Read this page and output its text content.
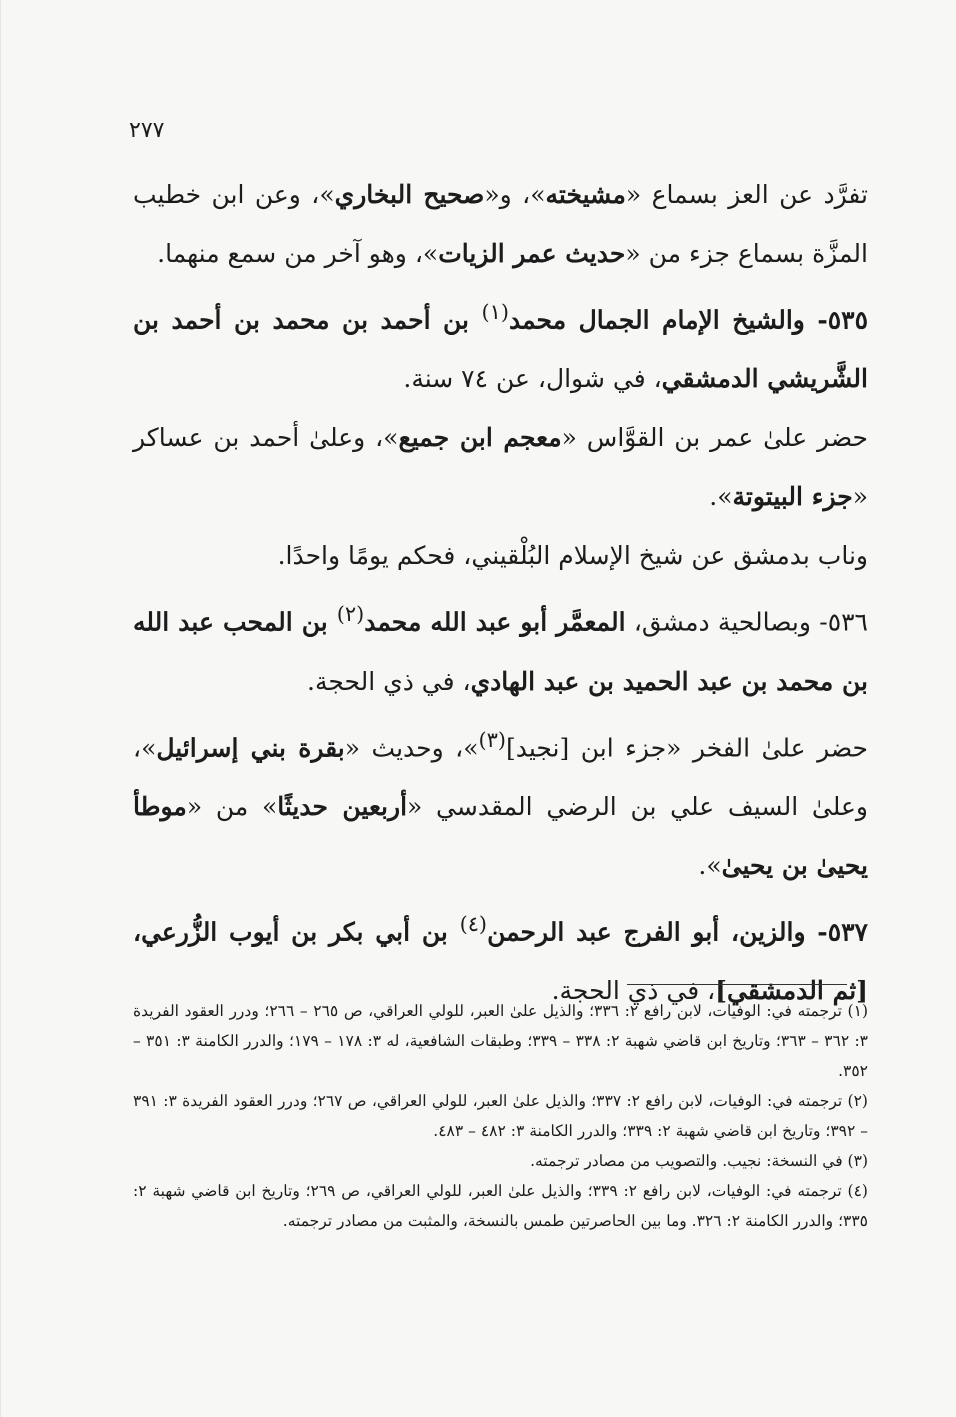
٢٧٧

تفرَّد عن العز بسماع «مشيخته»، و«صحيح البخاري»، وعن ابن خطيب المزَّة بسماع جزء من «حديث عمر الزيات»، وهو آخر من سمع منهما.

٥٣٥- والشيخ الإمام الجمال محمد$^{(١)}$ بن أحمد بن محمد بن أحمد بن الشَّريشي الدمشقي، في شوال، عن ٧٤ سنة.

حضر علىٰ عمر بن القوَّاس «معجم ابن جميع»، وعلىٰ أحمد بن عساكر «جزء البيتوتة».

وناب بدمشق عن شيخ الإسلام البُلْقيني، فحكم يومًا واحدًا.

٥٣٦- وبصالحية دمشق، المعمَّر أبو عبد الله محمد$^{(٢)}$ بن المحب عبد الله بن محمد بن عبد الحميد بن عبد الهادي، في ذي الحجة.

حضر علىٰ الفخر «جزء ابن [نجيد]$^{(٣)}$»، وحديث «بقرة بني إسرائيل»، وعلىٰ السيف علي بن الرضي المقدسي «أربعين حديثًا» من «موطأ يحيىٰ بن يحيىٰ».

٥٣٧- والزين، أبو الفرج عبد الرحمن$^{(٤)}$ بن أبي بكر بن أيوب الزُّرعي، [ثم الدمشقي]، في ذي الحجة.

(١) ترجمته في: الوفيات، لابن رافع ٢: ٣٣٦؛ والذيل علىٰ العبر، للولي العراقي، ص ٢٦٥ – ٢٦٦؛ ودرر العقود الفريدة ٣: ٣٦٢ – ٣٦٣؛ وتاريخ ابن قاضي شهبة ٢: ٣٣٨ – ٣٣٩؛ وطبقات الشافعية، له ٣: ١٧٨ – ١٧٩؛ والدرر الكامنة ٣: ٣٥١ – ٣٥٢.

(٢) ترجمته في: الوفيات، لابن رافع ٢: ٣٣٧؛ والذيل علىٰ العبر، للولي العراقي، ص ٢٦٧؛ ودرر العقود الفريدة ٣: ٣٩١ – ٣٩٢؛ وتاريخ ابن قاضي شهبة ٢: ٣٣٩؛ والدرر الكامنة ٣: ٤٨٢ – ٤٨٣.

(٣) في النسخة: نجيب. والتصويب من مصادر ترجمته.

(٤) ترجمته في: الوفيات، لابن رافع ٢: ٣٣٩؛ والذيل علىٰ العبر، للولي العراقي، ص ٢٦٩؛ وتاريخ ابن قاضي شهبة ٢: ٣٣٥؛ والدرر الكامنة ٢: ٣٢٦. وما بين الحاصرتين طمس بالنسخة، والمثبت من مصادر ترجمته.
